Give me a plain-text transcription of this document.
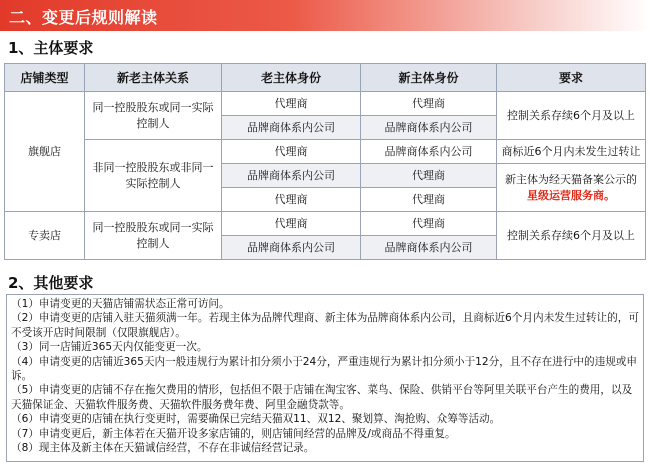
二、变更后规则解读
1、主体要求
店铺类型	新老主体关系	老主体身份	新主体身份	要求
旗舰店	同一控股股东或同一实际控制人	代理商	代理商	控制关系存续6个月及以上
		品牌商体系内公司	品牌商体系内公司	
	非同一控股股东或非同一实际控制人	代理商	品牌商体系内公司	商标近6个月内未发生过转让
		品牌商体系内公司	代理商	新主体为经天猫备案公示的星级运营服务商。
		代理商	代理商	
专卖店	同一控股股东或同一实际控制人	代理商	代理商	控制关系存续6个月及以上
		品牌商体系内公司	品牌商体系内公司	
2、其他要求
（1）申请变更的天猫店铺需状态正常可访问。
（2）申请变更的店铺入驻天猫须满一年。若现主体为品牌代理商、新主体为品牌商体系内公司，且商标近6个月内未发生过转让的，可不受该开店时间限制（仅限旗舰店）。
（3）同一店铺近365天内仅能变更一次。
（4）申请变更的店铺近365天内一般违规行为累计扣分须小于24分，严重违规行为累计扣分须小于12分，且不存在进行中的违规或申诉。
（5）申请变更的店铺不存在拖欠费用的情形，包括但不限于店铺在淘宝客、菜鸟、保险、供销平台等阿里关联平台产生的费用，以及天猫保证金、天猫软件服务费、天猫软件服务费年费、阿里金融贷款等。
（6）申请变更的店铺在执行变更时，需要确保已完结天猫双11、双12、聚划算、淘抢购、众筹等活动。
（7）申请变更后，新主体若在天猫开设多家店铺的，则店铺间经营的品牌及/或商品不得重复。
（8）现主体及新主体在天猫诚信经营，不存在非诚信经营记录。
